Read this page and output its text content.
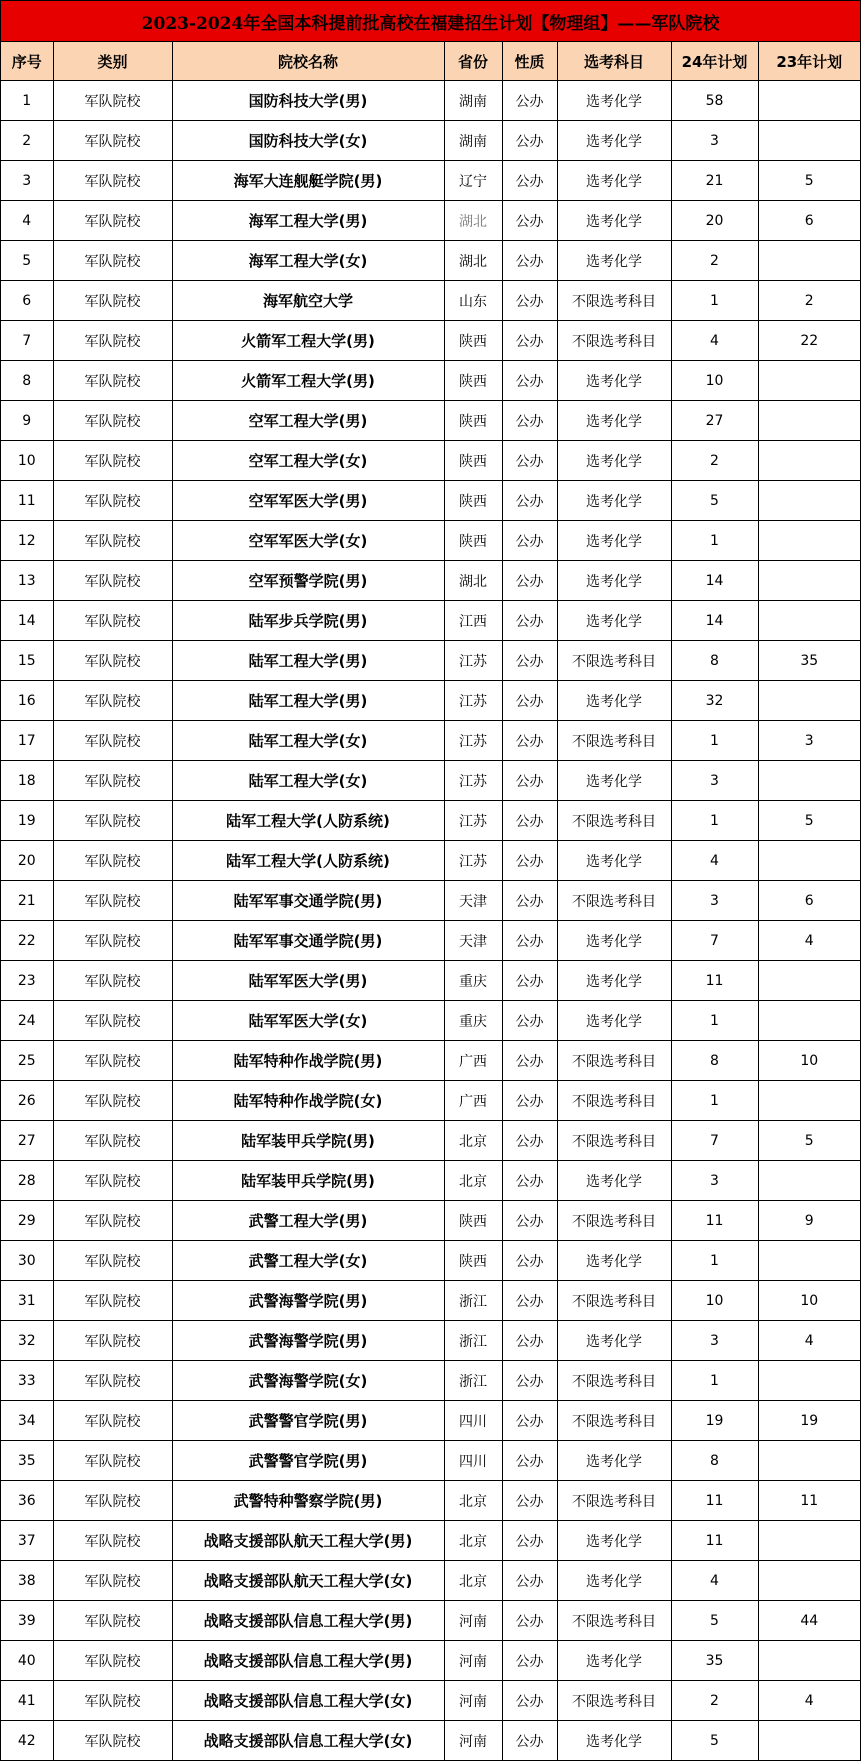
2023-2024年全国本科提前批高校在福建招生计划【物理组】——军队院校
序号	类别	院校名称	省份	性质	选考科目	24年计划	23年计划
1	军队院校	国防科技大学(男)	湖南	公办	选考化学	58	
2	军队院校	国防科技大学(女)	湖南	公办	选考化学	3	
3	军队院校	海军大连舰艇学院(男)	辽宁	公办	选考化学	21	5
4	军队院校	海军工程大学(男)	湖北	公办	选考化学	20	6
5	军队院校	海军工程大学(女)	湖北	公办	选考化学	2	
6	军队院校	海军航空大学	山东	公办	不限选考科目	1	2
7	军队院校	火箭军工程大学(男)	陕西	公办	不限选考科目	4	22
8	军队院校	火箭军工程大学(男)	陕西	公办	选考化学	10	
9	军队院校	空军工程大学(男)	陕西	公办	选考化学	27	
10	军队院校	空军工程大学(女)	陕西	公办	选考化学	2	
11	军队院校	空军军医大学(男)	陕西	公办	选考化学	5	
12	军队院校	空军军医大学(女)	陕西	公办	选考化学	1	
13	军队院校	空军预警学院(男)	湖北	公办	选考化学	14	
14	军队院校	陆军步兵学院(男)	江西	公办	选考化学	14	
15	军队院校	陆军工程大学(男)	江苏	公办	不限选考科目	8	35
16	军队院校	陆军工程大学(男)	江苏	公办	选考化学	32	
17	军队院校	陆军工程大学(女)	江苏	公办	不限选考科目	1	3
18	军队院校	陆军工程大学(女)	江苏	公办	选考化学	3	
19	军队院校	陆军工程大学(人防系统)	江苏	公办	不限选考科目	1	5
20	军队院校	陆军工程大学(人防系统)	江苏	公办	选考化学	4	
21	军队院校	陆军军事交通学院(男)	天津	公办	不限选考科目	3	6
22	军队院校	陆军军事交通学院(男)	天津	公办	选考化学	7	4
23	军队院校	陆军军医大学(男)	重庆	公办	选考化学	11	
24	军队院校	陆军军医大学(女)	重庆	公办	选考化学	1	
25	军队院校	陆军特种作战学院(男)	广西	公办	不限选考科目	8	10
26	军队院校	陆军特种作战学院(女)	广西	公办	不限选考科目	1	
27	军队院校	陆军装甲兵学院(男)	北京	公办	不限选考科目	7	5
28	军队院校	陆军装甲兵学院(男)	北京	公办	选考化学	3	
29	军队院校	武警工程大学(男)	陕西	公办	不限选考科目	11	9
30	军队院校	武警工程大学(女)	陕西	公办	选考化学	1	
31	军队院校	武警海警学院(男)	浙江	公办	不限选考科目	10	10
32	军队院校	武警海警学院(男)	浙江	公办	选考化学	3	4
33	军队院校	武警海警学院(女)	浙江	公办	不限选考科目	1	
34	军队院校	武警警官学院(男)	四川	公办	不限选考科目	19	19
35	军队院校	武警警官学院(男)	四川	公办	选考化学	8	
36	军队院校	武警特种警察学院(男)	北京	公办	不限选考科目	11	11
37	军队院校	战略支援部队航天工程大学(男)	北京	公办	选考化学	11	
38	军队院校	战略支援部队航天工程大学(女)	北京	公办	选考化学	4	
39	军队院校	战略支援部队信息工程大学(男)	河南	公办	不限选考科目	5	44
40	军队院校	战略支援部队信息工程大学(男)	河南	公办	选考化学	35	
41	军队院校	战略支援部队信息工程大学(女)	河南	公办	不限选考科目	2	4
42	军队院校	战略支援部队信息工程大学(女)	河南	公办	选考化学	5	
